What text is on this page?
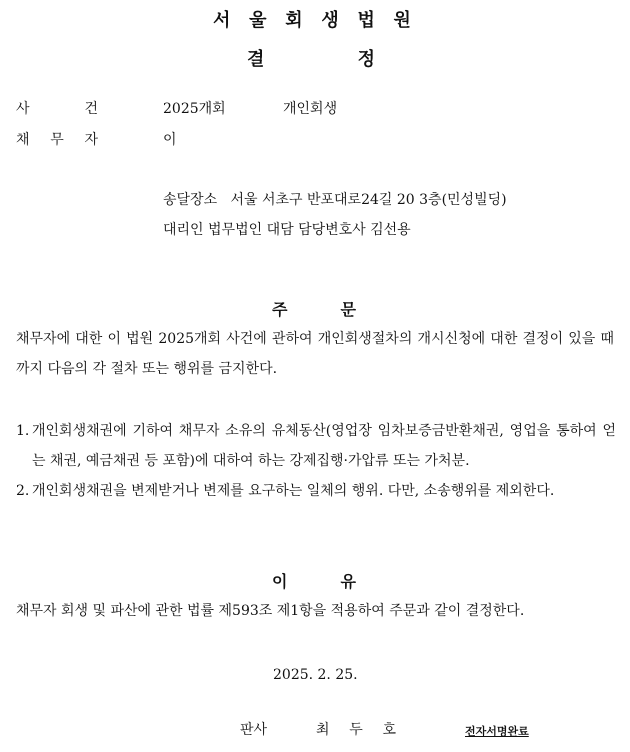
서 울 회 생 법 원
결	정
사	건	2025개회	개인회생
채 무 자	이
송달장소 서울 서초구 반포대로24길 20 3층(민성빌딩)
대리인 법무법인 대담 담당변호사 김선용
주	문
채무자에 대한 이 법원 2025개회 사건에 관하여 개인회생절차의 개시신청에 대한 결정이 있을 때까지 다음의 각 절차 또는 행위를 금지한다.
1. 개인회생채권에 기하여 채무자 소유의 유체동산(영업장 임차보증금반환채권, 영업을 통하여 얻는 채권, 예금채권 등 포함)에 대하여 하는 강제집행·가압류 또는 가처분.
2. 개인회생채권을 변제받거나 변제를 요구하는 일체의 행위. 다만, 소송행위를 제외한다.
이	유
채무자 회생 및 파산에 관한 법률 제593조 제1항을 적용하여 주문과 같이 결정한다.
2025. 2. 25.
판사	최 두 호	전자서명완료
